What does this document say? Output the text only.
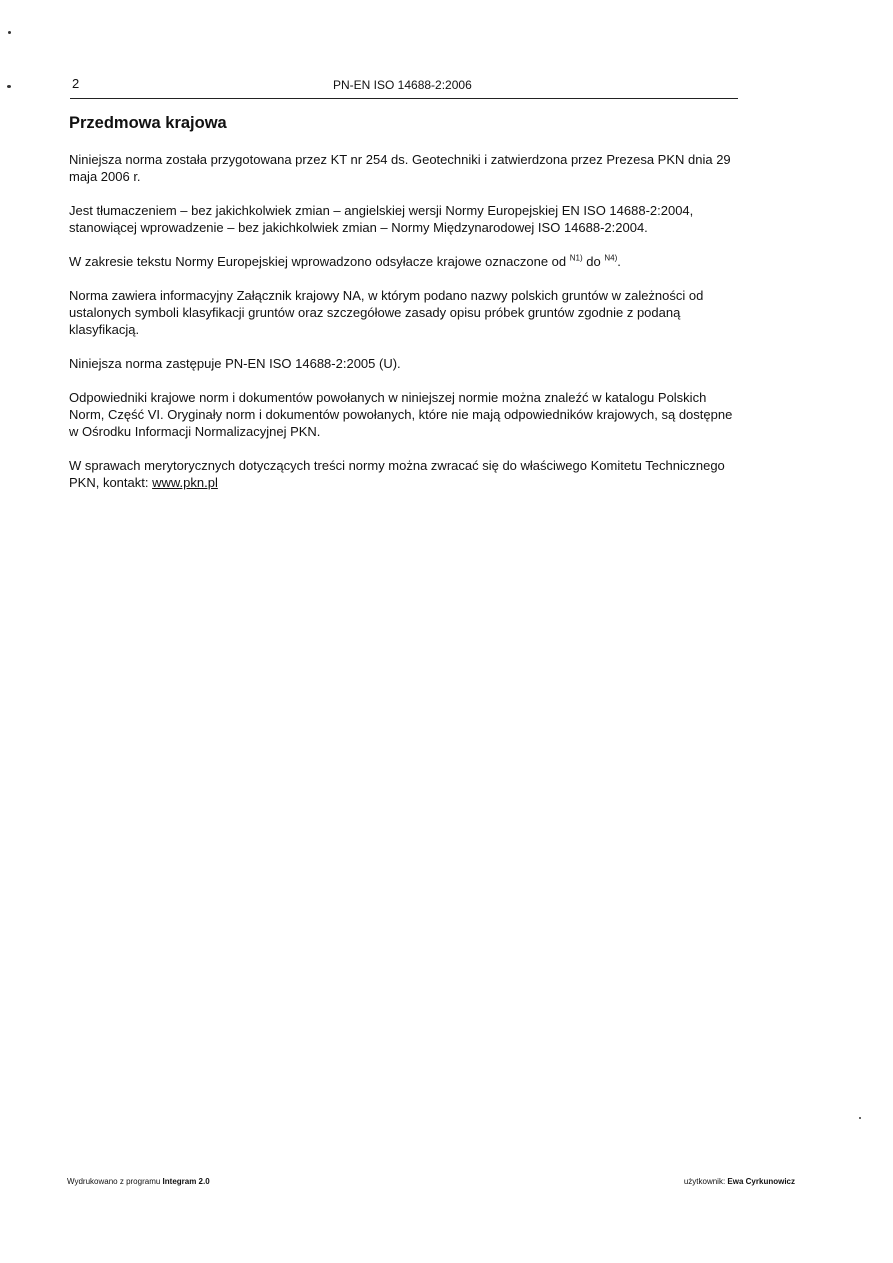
2	PN-EN ISO 14688-2:2006
Przedmowa krajowa

Niniejsza norma została przygotowana przez KT nr 254 ds. Geotechniki i zatwierdzona przez Prezesa PKN dnia 29 maja 2006 r.

Jest tłumaczeniem – bez jakichkolwiek zmian – angielskiej wersji Normy Europejskiej EN ISO 14688-2:2004, stanowiącej wprowadzenie – bez jakichkolwiek zmian – Normy Międzynarodowej ISO 14688-2:2004.

W zakresie tekstu Normy Europejskiej wprowadzono odsyłacze krajowe oznaczone od $^{N1)}$ do $^{N4)}$.

Norma zawiera informacyjny Załącznik krajowy NA, w którym podano nazwy polskich gruntów w zależności od ustalonych symboli klasyfikacji gruntów oraz szczegółowe zasady opisu próbek gruntów zgodnie z podaną klasyfikacją.

Niniejsza norma zastępuje PN-EN ISO 14688-2:2005 (U).

Odpowiedniki krajowe norm i dokumentów powołanych w niniejszej normie można znaleźć w katalogu Polskich Norm, Część VI. Oryginały norm i dokumentów powołanych, które nie mają odpowiedników krajowych, są dostępne w Ośrodku Informacji Normalizacyjnej PKN.

W sprawach merytorycznych dotyczących treści normy można zwracać się do właściwego Komitetu Technicznego PKN, kontakt: www.pkn.pl

Wydrukowano z programu Integram 2.0	użytkownik: Ewa Cyrkunowicz
